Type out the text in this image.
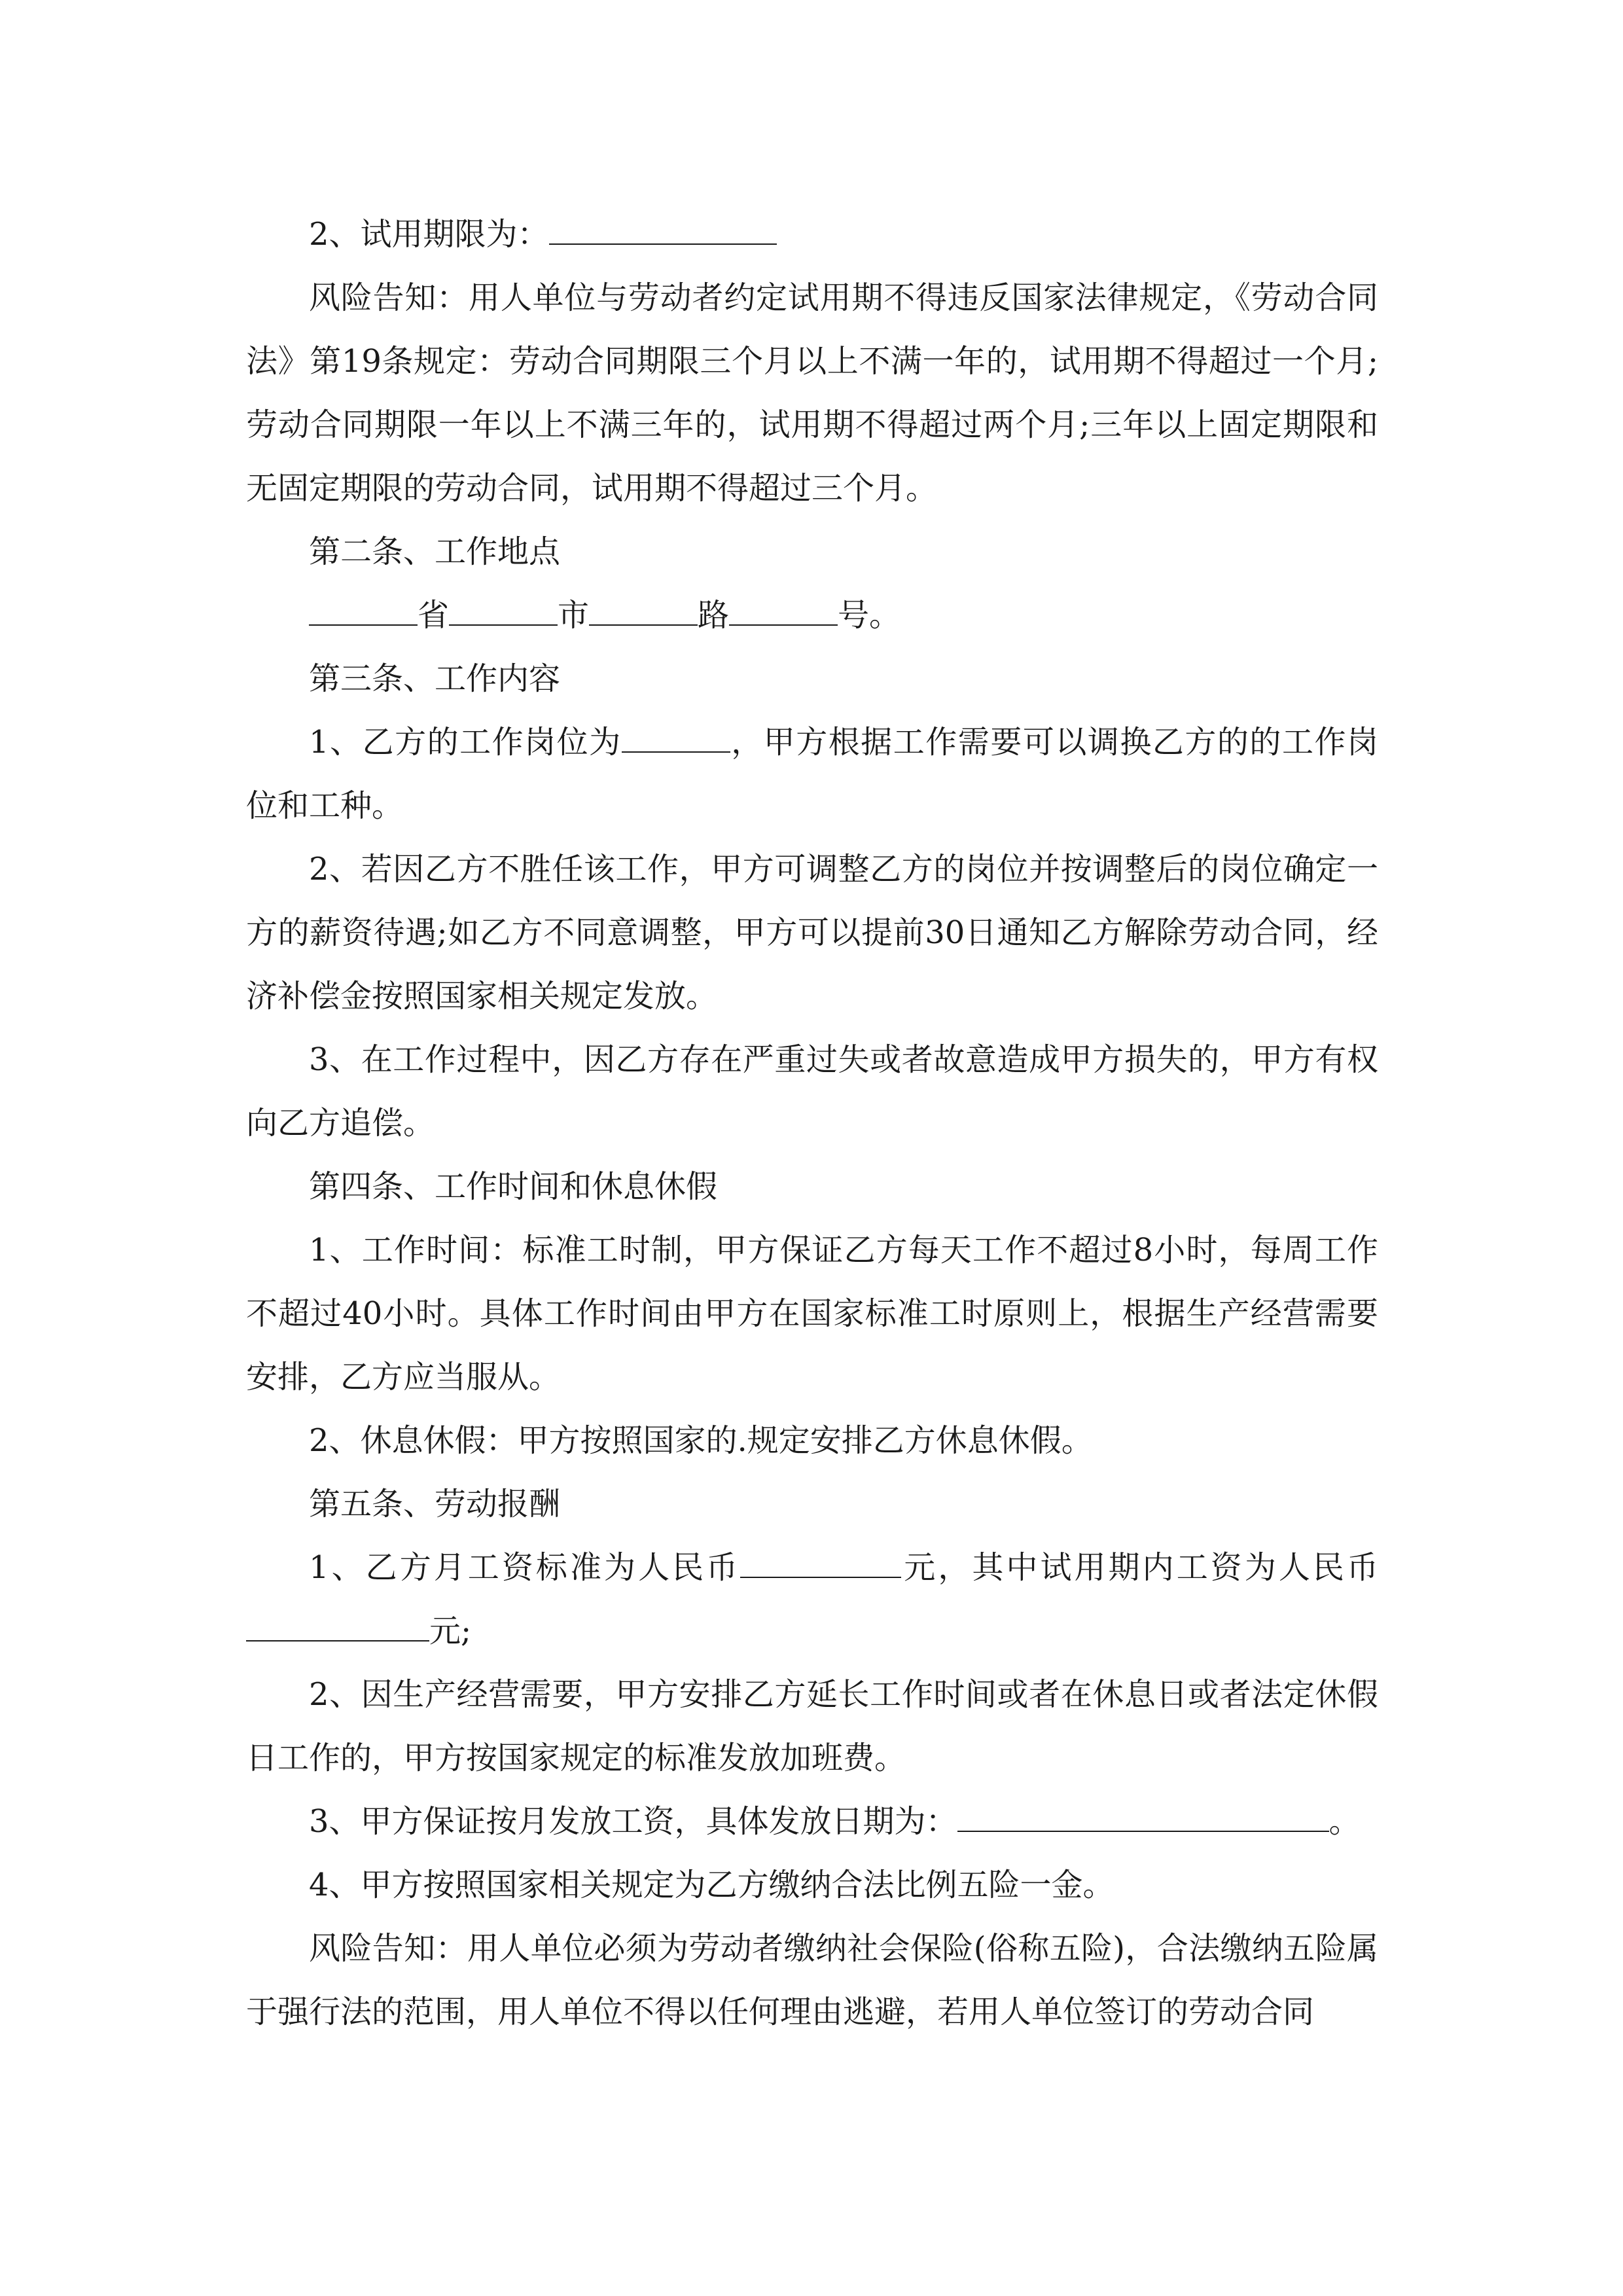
2、试用期限为：

风险告知：用人单位与劳动者约定试用期不得违反国家法律规定，《劳动合同法》第19条规定：劳动合同期限三个月以上不满一年的，试用期不得超过一个月;劳动合同期限一年以上不满三年的，试用期不得超过两个月;三年以上固定期限和无固定期限的劳动合同，试用期不得超过三个月。

第二条、工作地点

省	市	路	号。

第三条、工作内容

1、乙方的工作岗位为	，甲方根据工作需要可以调换乙方的的工作岗位和工种。

2、若因乙方不胜任该工作，甲方可调整乙方的岗位并按调整后的岗位确定一方的薪资待遇;如乙方不同意调整，甲方可以提前30日通知乙方解除劳动合同，经济补偿金按照国家相关规定发放。

3、在工作过程中，因乙方存在严重过失或者故意造成甲方损失的，甲方有权向乙方追偿。

第四条、工作时间和休息休假

1、工作时间：标准工时制，甲方保证乙方每天工作不超过8小时，每周工作不超过40小时。具体工作时间由甲方在国家标准工时原则上，根据生产经营需要安排，乙方应当服从。

2、休息休假：甲方按照国家的.规定安排乙方休息休假。

第五条、劳动报酬

1、乙方月工资标准为人民币	元，其中试用期内工资为人民币元;

2、因生产经营需要，甲方安排乙方延长工作时间或者在休息日或者法定休假日工作的，甲方按国家规定的标准发放加班费。

3、甲方保证按月发放工资，具体发放日期为：	。

4、甲方按照国家相关规定为乙方缴纳合法比例五险一金。

风险告知：用人单位必须为劳动者缴纳社会保险(俗称五险)，合法缴纳五险属于强行法的范围，用人单位不得以任何理由逃避，若用人单位签订的劳动合同
